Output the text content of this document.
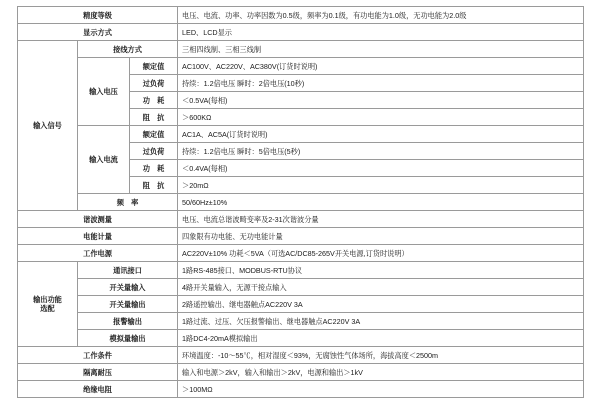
精度等级			电压、电流、功率、功率因数为0.5级，频率为0.1级，有功电能为1.0级，无功电能为2.0级
显示方式			LED、LCD显示
输入信号	接线方式		三相四线制、三相三线制
	输入电压	额定值	AC100V、AC220V、AC380V(订货时说明)
		过负荷	持续：1.2倍电压 瞬时：2倍电压(10秒)
		功　耗	＜0.5VA(每相)
		阻　抗	＞600KΩ
	输入电流	额定值	AC1A、AC5A(订货时说明)
		过负荷	持续：1.2倍电压 瞬时：5倍电压(5秒)
		功　耗	＜0.4VA(每相)
		阻　抗	＞20mΩ
	频　率		50/60Hz±10%
谐波测量			电压、电流总谐波畸变率及2-31次谐波分量
电能计量			四象限有功电能、无功电能计量
工作电源			AC220V±10% 功耗＜5VA（可选AC/DC85-265V开关电源,订货时说明）

输出功能
选配	通讯接口		1路RS-485接口、MODBUS-RTU协议
	开关量输入		4路开关量输入，无源干接点输入
	开关量输出		2路遥控输出、继电器触点AC220V 3A
	报警输出		1路过流、过压、欠压报警输出、继电器触点AC220V 3A
	模拟量输出		1路DC4-20mA模拟输出
工作条件			环境温度：-10～55℃，相对湿度＜93%，无腐蚀性气体场所，海拔高度＜2500m
隔离耐压			输入和电源＞2kV，输入和输出＞2kV，电源和输出＞1kV
绝缘电阻			＞100MΩ
